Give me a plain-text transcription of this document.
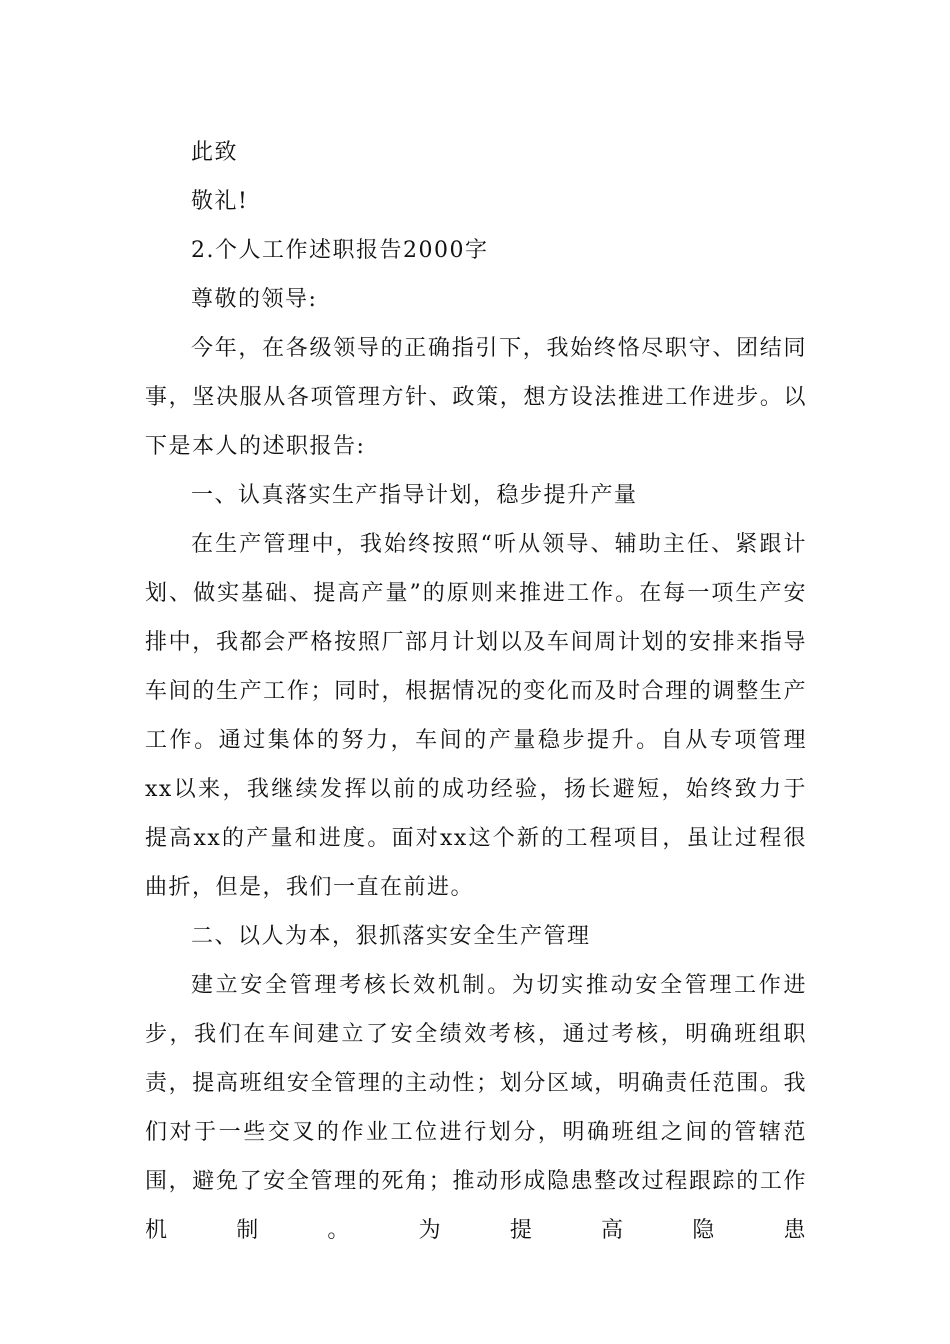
此致

敬礼!

2.个人工作述职报告2000字

尊敬的领导:

今年，在各级领导的正确指引下，我始终恪尽职守、团结同事，坚决服从各项管理方针、政策，想方设法推进工作进步。以下是本人的述职报告:

一、认真落实生产指导计划，稳步提升产量

在生产管理中，我始终按照“听从领导、辅助主任、紧跟计划、做实基础、提高产量”的原则来推进工作。在每一项生产安排中，我都会严格按照厂部月计划以及车间周计划的安排来指导车间的生产工作；同时，根据情况的变化而及时合理的调整生产工作。通过集体的努力，车间的产量稳步提升。自从专项管理xx以来，我继续发挥以前的成功经验，扬长避短，始终致力于提高xx的产量和进度。面对xx这个新的工程项目，虽让过程很曲折，但是，我们一直在前进。

二、以人为本，狠抓落实安全生产管理

建立安全管理考核长效机制。为切实推动安全管理工作进步，我们在车间建立了安全绩效考核，通过考核，明确班组职责，提高班组安全管理的主动性；划分区域，明确责任范围。我们对于一些交叉的作业工位进行划分，明确班组之间的管辖范围，避免了安全管理的死角；推动形成隐患整改过程跟踪的工作机制。为提高隐患
